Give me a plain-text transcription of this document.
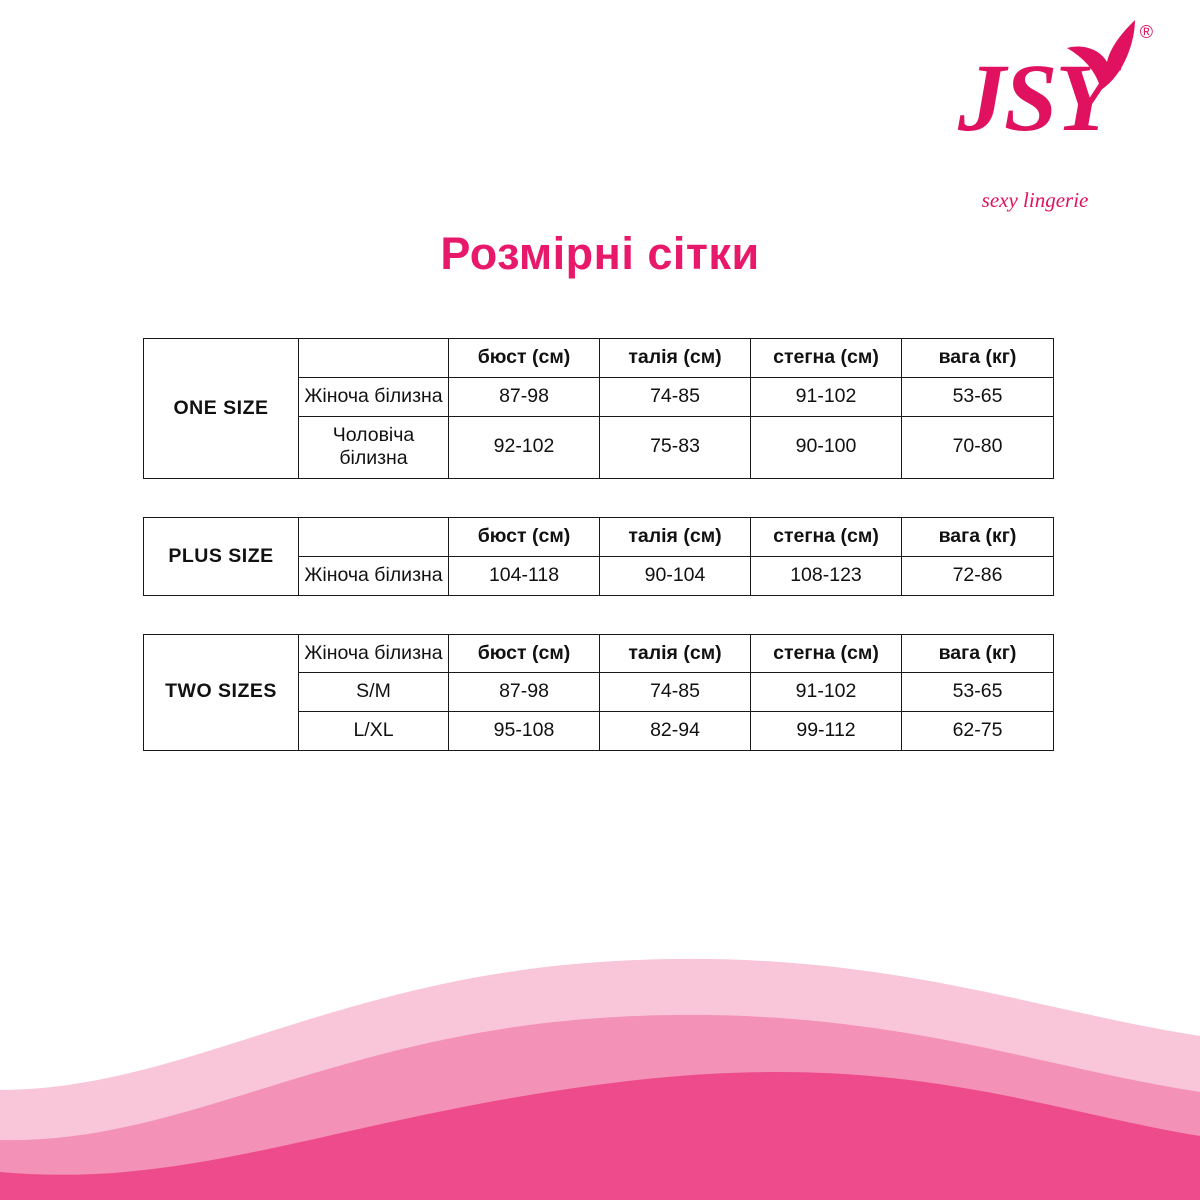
®
JSY
sexy lingerie
Розмірні сітки
ONE SIZE		бюст (см)	талія (см)	стегна (см)	вага (кг)
	Жіноча білизна	87-98	74-85	91-102	53-65
	Чоловіча білизна	92-102	75-83	90-100	70-80
PLUS SIZE		бюст (см)	талія (см)	стегна (см)	вага (кг)
	Жіноча білизна	104-118	90-104	108-123	72-86
TWO SIZES	Жіноча білизна	бюст (см)	талія (см)	стегна (см)	вага (кг)
	S/M	87-98	74-85	91-102	53-65
	L/XL	95-108	82-94	99-112	62-75
